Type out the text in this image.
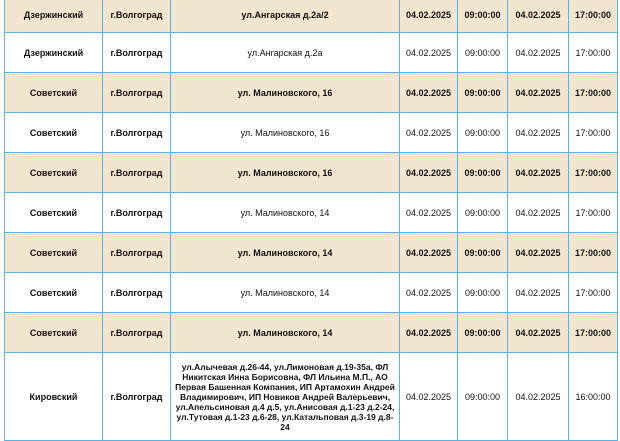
Дзержинский	г.Волгоград	ул.Ангарская д.2а/2	04.02.2025	09:00:00	04.02.2025	17:00:00
Дзержинский	г.Волгоград	ул.Ангарская д.2а	04.02.2025	09:00:00	04.02.2025	17:00:00
Советский	г.Волгоград	ул. Малиновского, 16	04.02.2025	09:00:00	04.02.2025	17:00:00
Советский	г.Волгоград	ул. Малиновского, 16	04.02.2025	09:00:00	04.02.2025	17:00:00
Советский	г.Волгоград	ул. Малиновского, 16	04.02.2025	09:00:00	04.02.2025	17:00:00
Советский	г.Волгоград	ул. Малиновского, 14	04.02.2025	09:00:00	04.02.2025	17:00:00
Советский	г.Волгоград	ул. Малиновского, 14	04.02.2025	09:00:00	04.02.2025	17:00:00
Советский	г.Волгоград	ул. Малиновского, 14	04.02.2025	09:00:00	04.02.2025	17:00:00
Советский	г.Волгоград	ул. Малиновского, 14	04.02.2025	09:00:00	04.02.2025	17:00:00
Кировский	г.Волгоград	ул.Алычевая д.26-44, ул.Лимоновая д.19-35а, ФЛ Никитская Инна Борисовна, ФЛ Ильина М.П., АО Первая Башенная Компания, ИП Артамохин Андрей Владимирович, ИП Новиков Андрей Валерьевич, ул.Апельсиновая д.4 д.5, ул.Анисовая д.1-23 д.2-24, ул.Тутовая д.1-23 д.6-28, ул.Катальповая д.3-19 д.8-24	04.02.2025	09:00:00	04.02.2025	16:00:00
